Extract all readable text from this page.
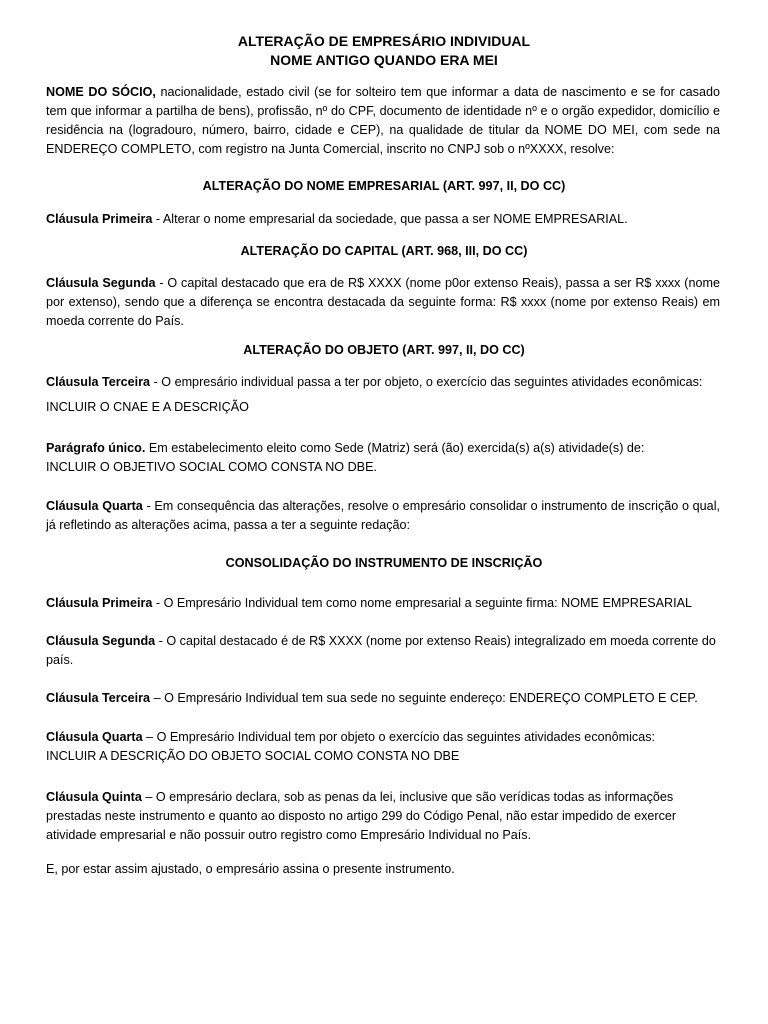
ALTERAÇÃO DE EMPRESÁRIO INDIVIDUAL
NOME ANTIGO QUANDO ERA MEI
NOME DO SÓCIO, nacionalidade, estado civil (se for solteiro tem que informar a data de nascimento e se for casado tem que informar a partilha de bens), profissão, nº do CPF, documento de identidade nº e o orgão expedidor, domicílio e residência na (logradouro, número, bairro, cidade e CEP), na qualidade de titular da NOME DO MEI, com sede na ENDEREÇO COMPLETO, com registro na Junta Comercial, inscrito no CNPJ sob o nºXXXX, resolve:
ALTERAÇÃO DO NOME EMPRESARIAL (ART. 997, II, DO CC)
Cláusula Primeira - Alterar o nome empresarial da sociedade, que passa a ser NOME EMPRESARIAL.
ALTERAÇÃO DO CAPITAL (ART. 968, III, DO CC)
Cláusula Segunda - O capital destacado que era de R$ XXXX (nome p0or extenso Reais), passa a ser R$ xxxx (nome por extenso), sendo que a diferença se encontra destacada da seguinte forma: R$ xxxx (nome por extenso Reais) em moeda corrente do País.
ALTERAÇÃO DO OBJETO (ART. 997, II, DO CC)
Cláusula Terceira - O empresário individual passa a ter por objeto, o exercício das seguintes atividades econômicas:
INCLUIR O CNAE E A DESCRIÇÃO
Parágrafo único. Em estabelecimento eleito como Sede (Matriz) será (ão) exercida(s) a(s) atividade(s) de:
INCLUIR O OBJETIVO SOCIAL COMO CONSTA NO DBE.
Cláusula Quarta - Em consequência das alterações, resolve o empresário consolidar o instrumento de inscrição o qual, já refletindo as alterações acima, passa a ter a seguinte redação:
CONSOLIDAÇÃO DO INSTRUMENTO DE INSCRIÇÃO
Cláusula Primeira - O Empresário Individual tem como nome empresarial a seguinte firma: NOME EMPRESARIAL
Cláusula Segunda - O capital destacado é de R$ XXXX (nome por extenso Reais) integralizado em moeda corrente do país.
Cláusula Terceira – O Empresário Individual tem sua sede no seguinte endereço: ENDEREÇO COMPLETO E CEP.
Cláusula Quarta – O Empresário Individual tem por objeto o exercício das seguintes atividades econômicas:
INCLUIR A DESCRIÇÃO DO OBJETO SOCIAL COMO CONSTA NO DBE
Cláusula Quinta – O empresário declara, sob as penas da lei, inclusive que são verídicas todas as informações prestadas neste instrumento e quanto ao disposto no artigo 299 do Código Penal, não estar impedido de exercer atividade empresarial e não possuir outro registro como Empresário Individual no País.
E, por estar assim ajustado, o empresário assina o presente instrumento.
